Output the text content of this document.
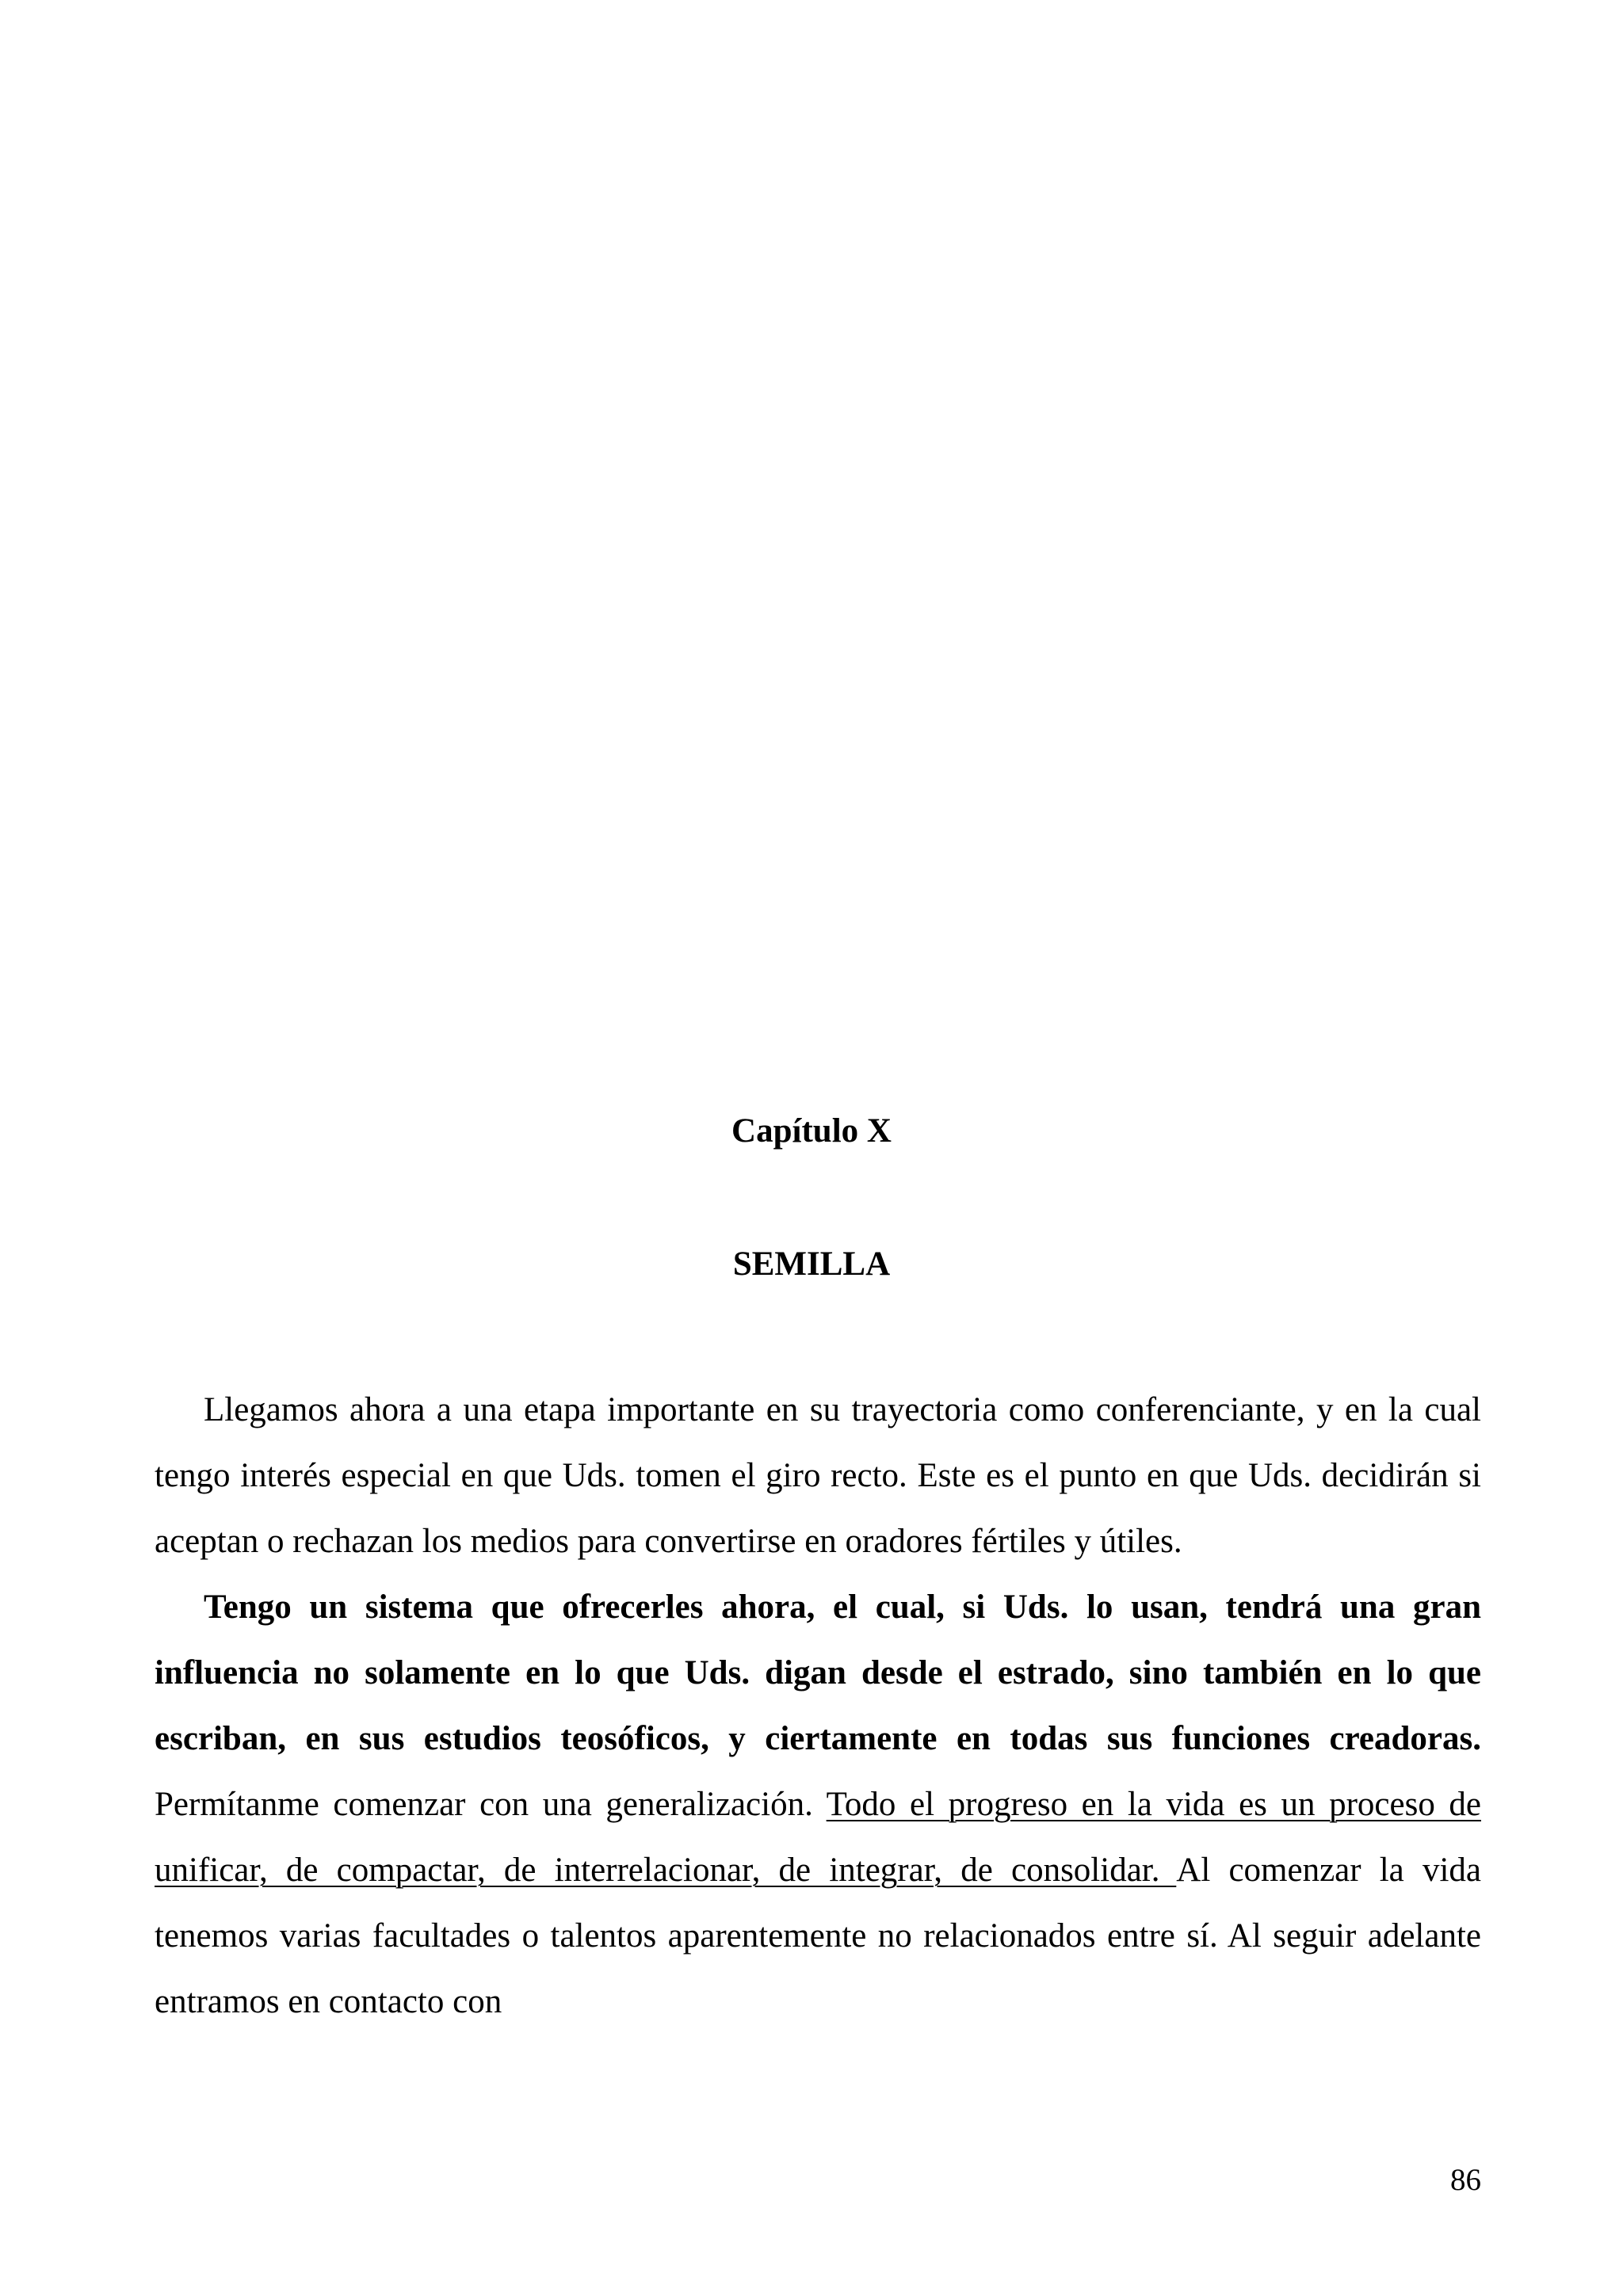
Capítulo X
SEMILLA

Llegamos ahora a una etapa importante en su trayectoria como conferenciante, y en la cual tengo interés especial en que Uds. tomen el giro recto. Este es el punto en que Uds. decidirán si aceptan o rechazan los medios para convertirse en oradores fértiles y útiles.

Tengo un sistema que ofrecerles ahora, el cual, si Uds. lo usan, tendrá una gran influencia no solamente en lo que Uds. digan desde el estrado, sino también en lo que escriban, en sus estudios teosóficos, y ciertamente en todas sus funciones creadoras. Permítanme comenzar con una generalización. Todo el progreso en la vida es un proceso de unificar, de compactar, de interrelacionar, de integrar, de consolidar. Al comenzar la vida tenemos varias facultades o talentos aparentemente no relacionados entre sí. Al seguir adelante entramos en contacto con

86
